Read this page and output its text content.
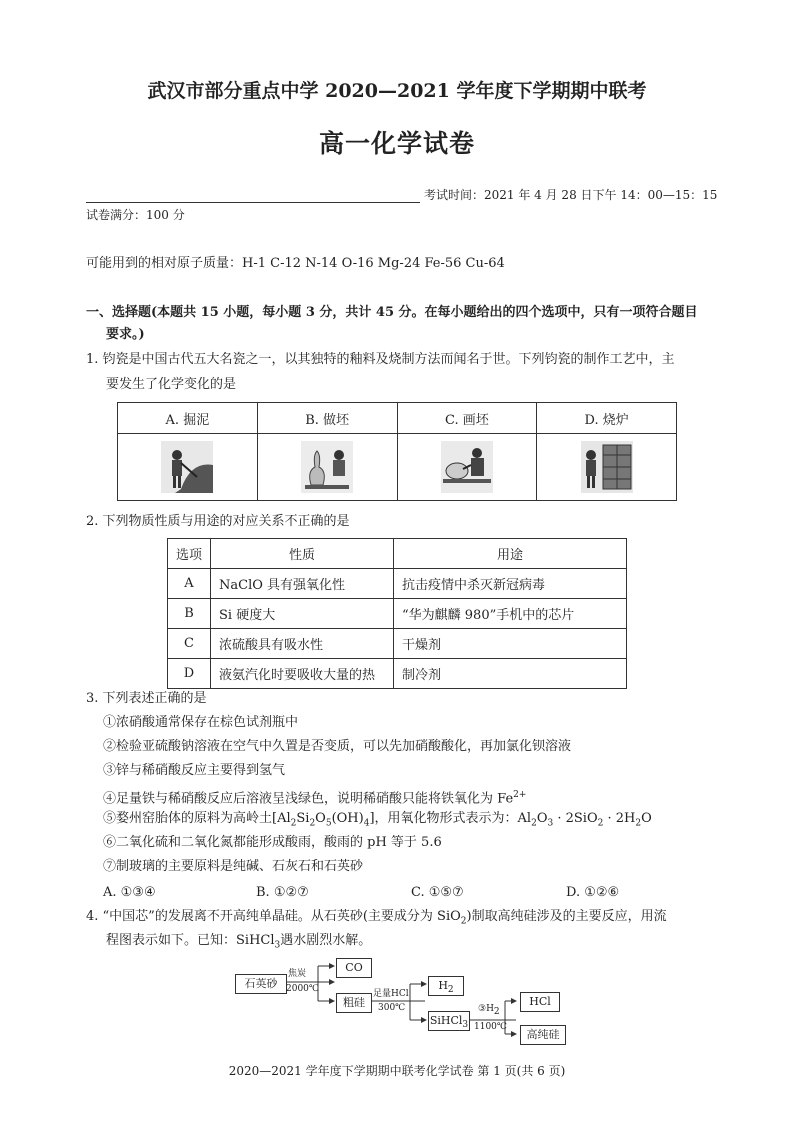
武汉市部分重点中学 2020—2021 学年度下学期期中联考
高一化学试卷
考试时间：2021 年 4 月 28 日下午 14：00—15：15
试卷满分：100 分
可能用到的相对原子质量：H-1 C-12 N-14 O-16 Mg-24 Fe-56 Cu-64
一、选择题(本题共 15 小题，每小题 3 分，共计 45 分。在每小题给出的四个选项中，只有一项符合题目
要求。)
1. 钧瓷是中国古代五大名瓷之一，以其独特的釉料及烧制方法而闻名于世。下列钧瓷的制作工艺中，主
要发生了化学变化的是
A. 掘泥	B. 做坯	C. 画坯	D. 烧炉

2. 下列物质性质与用途的对应关系不正确的是
选项	性质	用途
A	NaClO 具有强氧化性	抗击疫情中杀灭新冠病毒
B	Si 硬度大	“华为麒麟 980”手机中的芯片
C	浓硫酸具有吸水性	干燥剂
D	液氨汽化时要吸收大量的热	制冷剂
3. 下列表述正确的是
①浓硝酸通常保存在棕色试剂瓶中
②检验亚硫酸钠溶液在空气中久置是否变质，可以先加硝酸酸化，再加氯化钡溶液
③锌与稀硝酸反应主要得到氢气
④足量铁与稀硝酸反应后溶液呈浅绿色，说明稀硝酸只能将铁氧化为 $Fe^{2+}$
⑤婺州窑胎体的原料为高岭土$[Al_2Si_2O_5(OH)_4]$，用氧化物形式表示为：$Al_2O_3 \cdot 2SiO_2 \cdot 2H_2O$
⑥二氧化硫和二氧化氮都能形成酸雨，酸雨的 pH 等于 5.6
⑦制玻璃的主要原料是纯碱、石灰石和石英砂
A. ①③④	B. ①②⑦	C. ①⑤⑦	D. ①②⑥
4. “中国芯”的发展离不开高纯单晶硅。从石英砂(主要成分为 SiO$_2$)制取高纯硅涉及的主要反应，用流
程图表示如下。已知：SiHCl$_3$遇水剧烈水解。
石英砂
焦炭
2000℃
CO
粗硅
足量HCl
300℃
$H_2$
SiHCl$_3$
$③H_2$
1100℃
HCl
高纯硅
2020—2021 学年度下学期期中联考化学试卷 第 1 页(共 6 页)
